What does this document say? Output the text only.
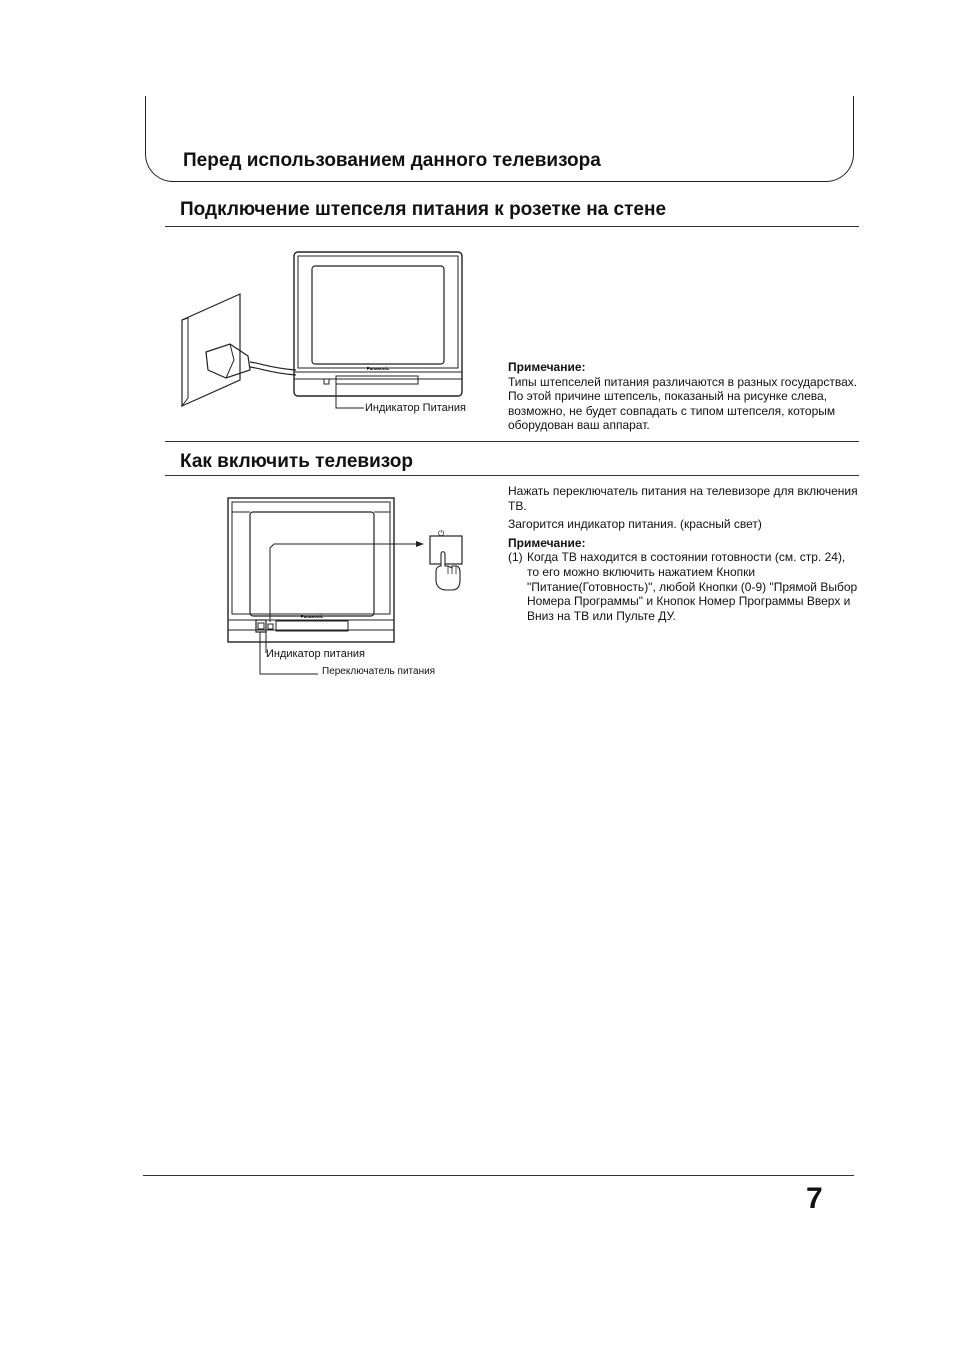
Перед использованием данного телевизора
Подключение штепселя питания к розетке на стене
Panasonic
Индикатор Питания
Примечание:
Типы штепселей питания различаются в разных государствах. По этой причине штепсель, показаный на рисунке слева, возможно, не будет совпадать с типом штепселя, которым оборудован ваш аппарат.
Как включить телевизор
Panasonic
⏻
Индикатор питания
Переключатель питания
Нажать переключатель питания на телевизоре для включения ТВ.
Загорится индикатор питания. (красный свет)
Примечание:
(1) Когда ТВ находится в состоянии готовности (см. стр. 24), то его можно включить нажатием Кнопки "Питание(Готовность)", любой Кнопки (0-9) "Прямой Выбор Номера Программы" и Кнопок Номер Программы Вверх и Вниз на ТВ или Пульте ДУ.
7
